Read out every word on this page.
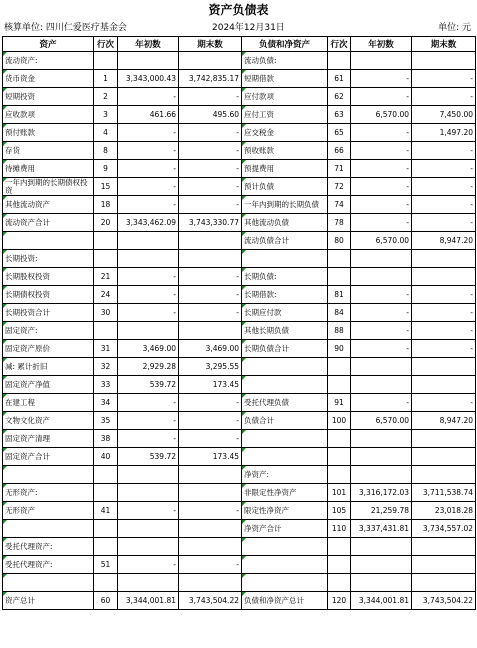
资产负债表
核算单位: 四川仁爱医疗基金会	2024年12月31日	单位: 元
资产	行次	年初数	期末数	负债和净资产	行次	年初数	期末数
流动资产:				流动负债:			
货币资金	1	3,343,000.43	3,742,835.17	短期借款	61	-	-
短期投资	2	-	-	应付款项	62	-	-
应收款项	3	461.66	495.60	应付工资	63	6,570.00	7,450.00
预付账款	4	-	-	应交税金	65	-	1,497.20
存货	8	-	-	预收账款	66	-	-
待摊费用	9	-	-	预提费用	71	-	-
一年内到期的长期债权投资	15	-	-	预计负债	72	-	-
其他流动资产	18	-	-	一年内到期的长期负债	74	-	-
流动资产合计	20	3,343,462.09	3,743,330.77	其他流动负债	78	-	-
				流动负债合计	80	6,570.00	8,947.20
长期投资:							
长期股权投资	21	-	-	长期负债:			
长期债权投资	24	-	-	长期借款:	81	-	-
长期投资合计	30	-	-	长期应付款	84	-	-
固定资产:				其他长期负债	88	-	-
固定资产原价	31	3,469.00	3,469.00	长期负债合计	90	-	-
减: 累计折旧	32	2,929.28	3,295.55				
固定资产净值	33	539.72	173.45				
在建工程	34	-	-	受托代理负债	91	-	-
文物文化资产	35	-	-	负债合计	100	6,570.00	8,947.20
固定资产清理	38	-	-				
固定资产合计	40	539.72	173.45				
				净资产:			
无形资产:				非限定性净资产	101	3,316,172.03	3,711,538.74
无形资产	41	-	-	限定性净资产	105	21,259.78	23,018.28
				净资产合计	110	3,337,431.81	3,734,557.02
受托代理资产:							
受托代理资产:	51	-	-				

资产总计	60	3,344,001.81	3,743,504.22	负债和净资产总计	120	3,344,001.81	3,743,504.22
